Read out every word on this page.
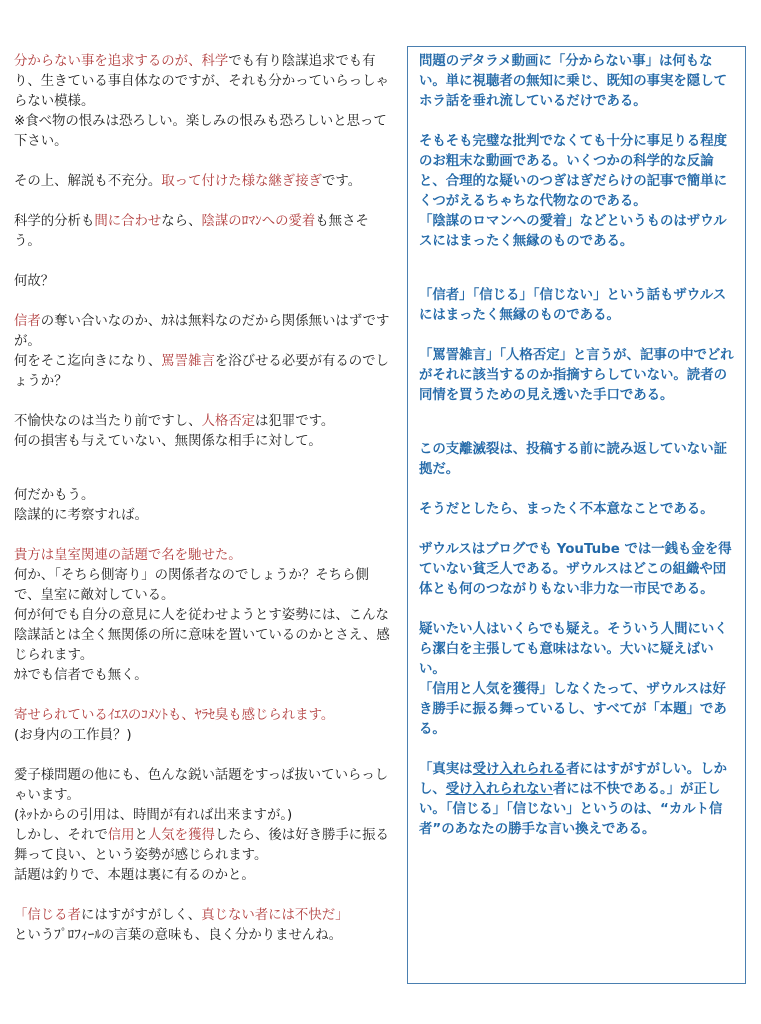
分からない事を追求するのが、科学でも有り陰謀追求でも有り、生きている事自体なのですが、それも分かっていらっしゃらない模様。
※食べ物の恨みは恐ろしい。楽しみの恨みも恐ろしいと思って下さい。

その上、解説も不充分。取って付けた様な継ぎ接ぎです。

科学的分析も間に合わせなら、陰謀のﾛﾏﾝへの愛着も無さそう。

何故？

信者の奪い合いなのか、ｶﾈは無料なのだから関係無いはずですが。
何をそこ迄向きになり、罵詈雑言を浴びせる必要が有るのでしょうか？

不愉快なのは当たり前ですし、人格否定は犯罪です。
何の損害も与えていない、無関係な相手に対して。

何だかもう。
陰謀的に考察すれば。

貴方は皇室関連の話題で名を馳せた。
何か、「そちら側寄り」の関係者なのでしょうか？そちら側で、皇室に敵対している。
何が何でも自分の意見に人を従わせようとす姿勢には、こんな陰謀話とは全く無関係の所に意味を置いているのかとさえ、感じられます。
ｶﾈでも信者でも無く。

寄せられているｲｴｽのｺﾒﾝﾄも、ﾔﾗｾ臭も感じられます。
(お身内の工作員？)

愛子様問題の他にも、色んな鋭い話題をすっぱ抜いていらっしゃいます。
(ﾈｯﾄからの引用は、時間が有れば出来ますが。)
しかし、それで信用と人気を獲得したら、後は好き勝手に振る舞って良い、という姿勢が感じられます。
話題は釣りで、本題は裏に有るのかと。

「信じる者にはすがすがしく、真じない者には不快だ」
というﾌﾟﾛﾌｨｰﾙの言葉の意味も、良く分かりませんね。

問題のデタラメ動画に「分からない事」は何もない。単に視聴者の無知に乗じ、既知の事実を隠してホラ話を垂れ流しているだけである。

そもそも完璧な批判でなくても十分に事足りる程度のお粗末な動画である。いくつかの科学的な反論と、合理的な疑いのつぎはぎだらけの記事で簡単にくつがえるちゃちな代物なのである。

「陰謀のロマンへの愛着」などというものはザウルスにはまったく無縁のものである。

「信者」「信じる」「信じない」という話もザウルスにはまったく無縁のものである。

「罵詈雑言」「人格否定」と言うが、記事の中でどれがそれに該当するのか指摘すらしていない。読者の同情を買うための見え透いた手口である。

この支離滅裂は、投稿する前に読み返していない証拠だ。

そうだとしたら、まったく不本意なことである。

ザウルスはブログでも YouTube では一銭も金を得ていない貧乏人である。ザウルスはどこの組織や団体とも何のつながりもない非力な一市民である。

疑いたい人はいくらでも疑え。そういう人間にいくら潔白を主張しても意味はない。大いに疑えばいい。

「信用と人気を獲得」しなくたって、ザウルスは好き勝手に振る舞っているし、すべてが「本題」である。

「真実は受け入れられる者にはすがすがしい。しかし、受け入れられない者には不快である。」が正しい。「信じる」「信じない」というのは、“カルト信者”のあなたの勝手な言い換えである。
